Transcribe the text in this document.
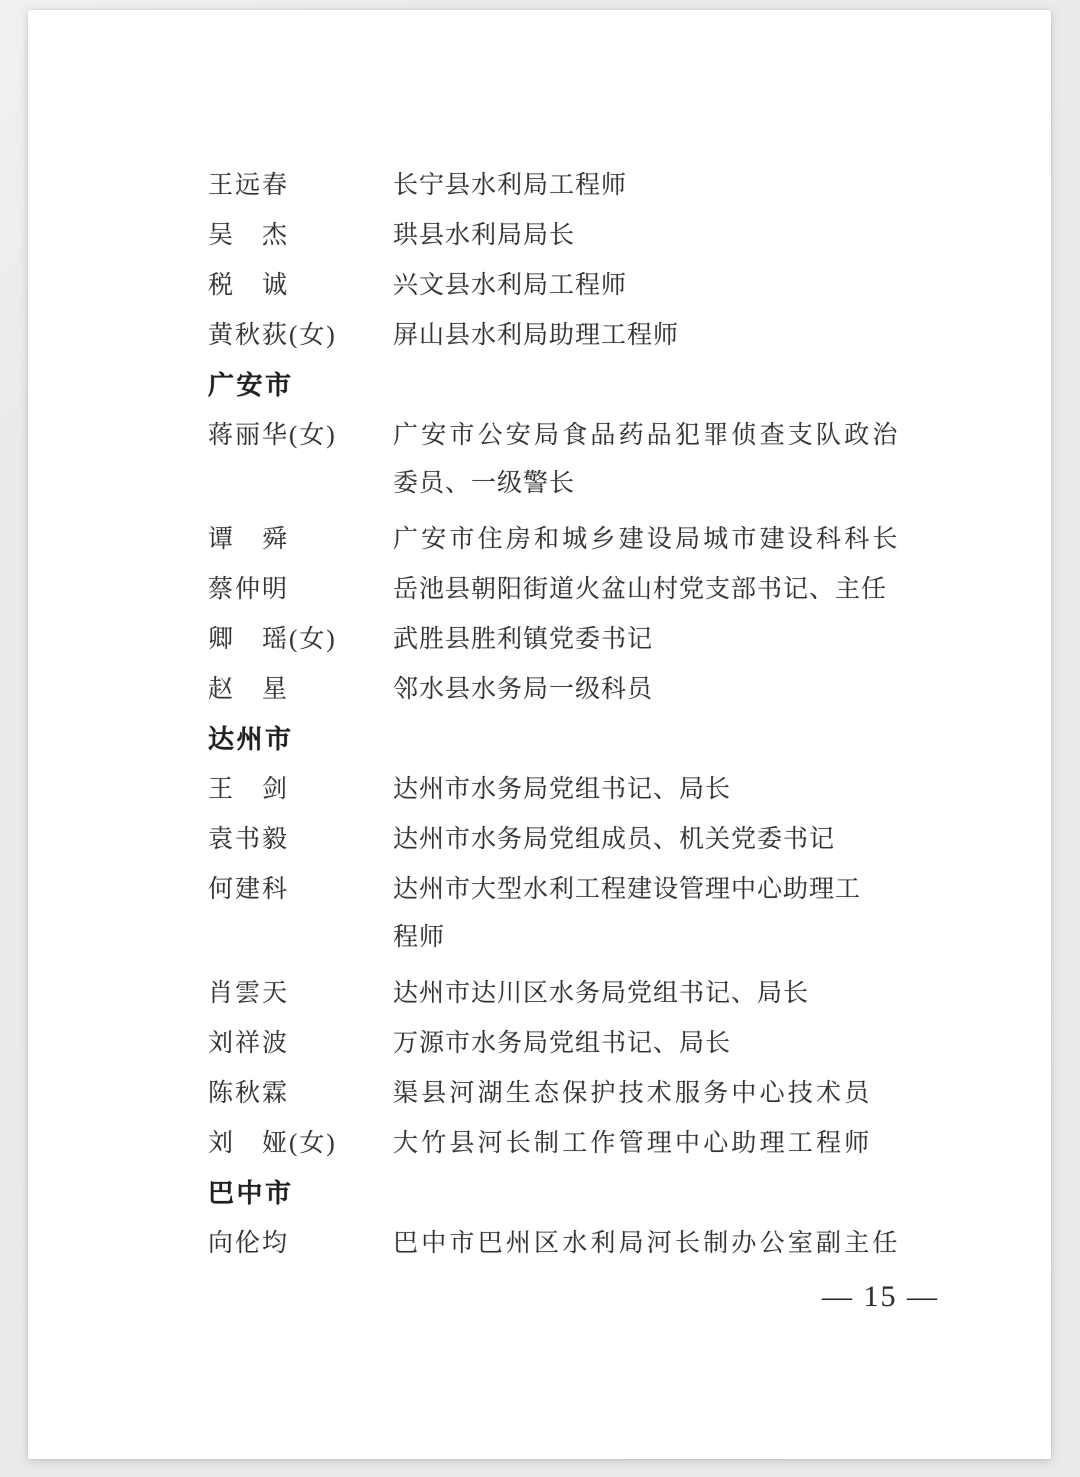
王远春	长宁县水利局工程师
吴　杰	珙县水利局局长
税　诚	兴文县水利局工程师
黄秋荻(女)	屏山县水利局助理工程师
广安市
蒋丽华(女)	广安市公安局食品药品犯罪侦查支队政治
委员、一级警长
谭　舜	广安市住房和城乡建设局城市建设科科长
蔡仲明	岳池县朝阳街道火盆山村党支部书记、主任
卿　瑶(女)	武胜县胜利镇党委书记
赵　星	邻水县水务局一级科员
达州市
王　剑	达州市水务局党组书记、局长
袁书毅	达州市水务局党组成员、机关党委书记
何建科	达州市大型水利工程建设管理中心助理工
程师
肖雲天	达州市达川区水务局党组书记、局长
刘祥波	万源市水务局党组书记、局长
陈秋霖	渠县河湖生态保护技术服务中心技术员
刘　娅(女)	大竹县河长制工作管理中心助理工程师
巴中市
向伦均	巴中市巴州区水利局河长制办公室副主任
— 15 —
